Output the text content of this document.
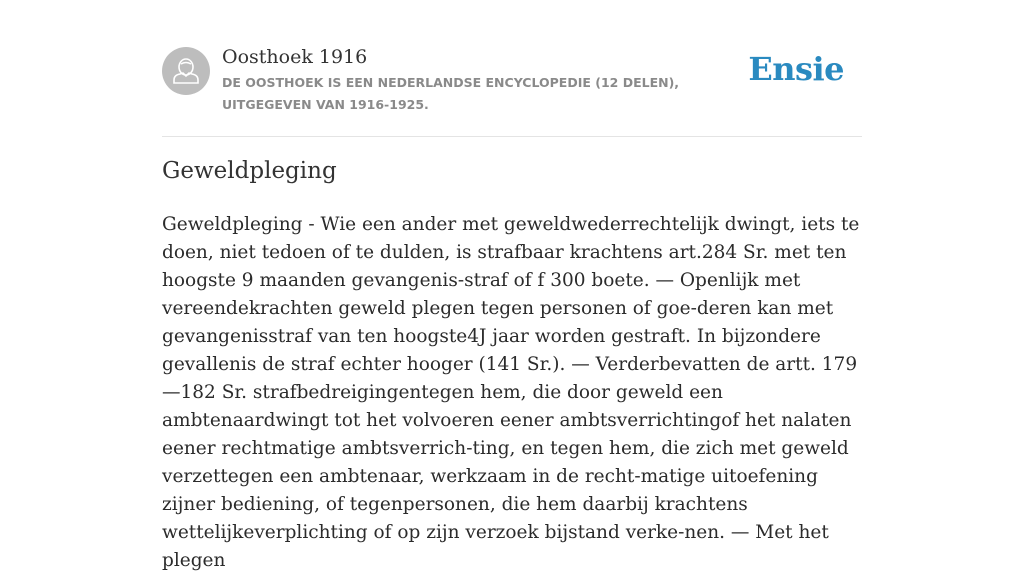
Oosthoek 1916
DE OOSTHOEK IS EEN NEDERLANDSE ENCYCLOPEDIE (12 DELEN), UITGEGEVEN VAN 1916-1925.
Ensie
Geweldpleging

Geweldpleging - Wie een ander met geweldwederrechtelijk dwingt, iets te doen, niet tedoen of te dulden, is strafbaar krachtens art.284 Sr. met ten hoogste 9 maanden gevangenis-straf of f 300 boete. — Openlijk met vereendekrachten geweld plegen tegen personen of goe-deren kan met gevangenisstraf van ten hoogste4J jaar worden gestraft. In bijzondere gevallenis de straf echter hooger (141 Sr.). — Verderbevatten de artt. 179 —182 Sr. strafbedreigingentegen hem, die door geweld een ambtenaardwingt tot het volvoeren eener ambtsverrichtingof het nalaten eener rechtmatige ambtsverrich-ting, en tegen hem, die zich met geweld verzettegen een ambtenaar, werkzaam in de recht-matige uitoefening zijner bediening, of tegenpersonen, die hem daarbij krachtens wettelijkeverplichting of op zijn verzoek bijstand verke-nen. — Met het plegen
